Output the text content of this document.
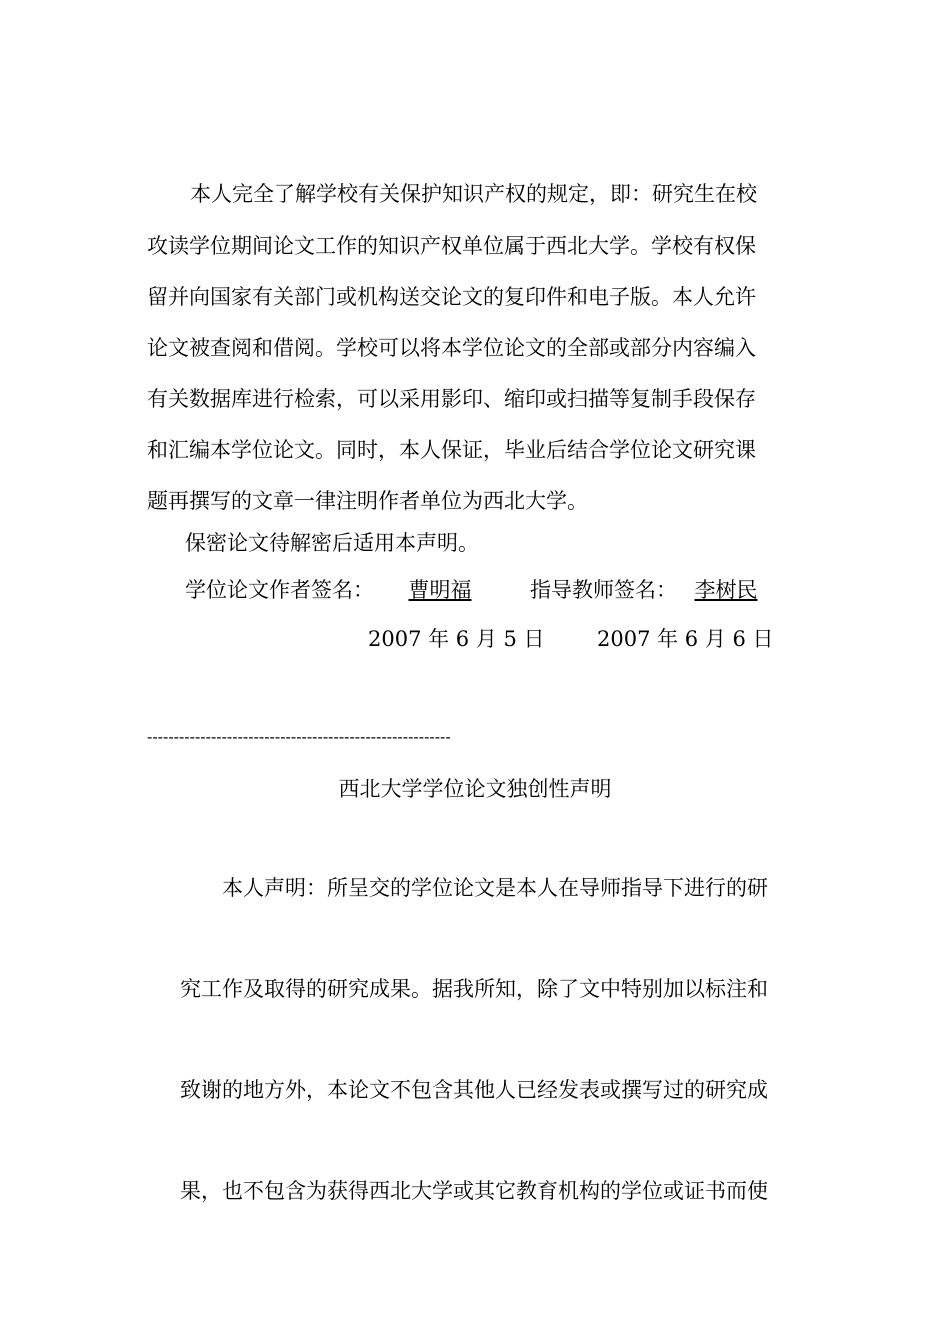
本人完全了解学校有关保护知识产权的规定，即：研究生在校
攻读学位期间论文工作的知识产权单位属于西北大学。学校有权保
留并向国家有关部门或机构送交论文的复印件和电子版。本人允许
论文被查阅和借阅。学校可以将本学位论文的全部或部分内容编入
有关数据库进行检索，可以采用影印、缩印或扫描等复制手段保存
和汇编本学位论文。同时，本人保证，毕业后结合学位论文研究课
题再撰写的文章一律注明作者单位为西北大学。
保密论文待解密后适用本声明。
学位论文作者签名：	曹明福	指导教师签名： 李树民
2007 年 6 月 5 日 2007 年 6 月 6 日
---------------------------------------------------------
西北大学学位论文独创性声明
本人声明：所呈交的学位论文是本人在导师指导下进行的研
究工作及取得的研究成果。据我所知，除了文中特别加以标注和
致谢的地方外，本论文不包含其他人已经发表或撰写过的研究成
果，也不包含为获得西北大学或其它教育机构的学位或证书而使
